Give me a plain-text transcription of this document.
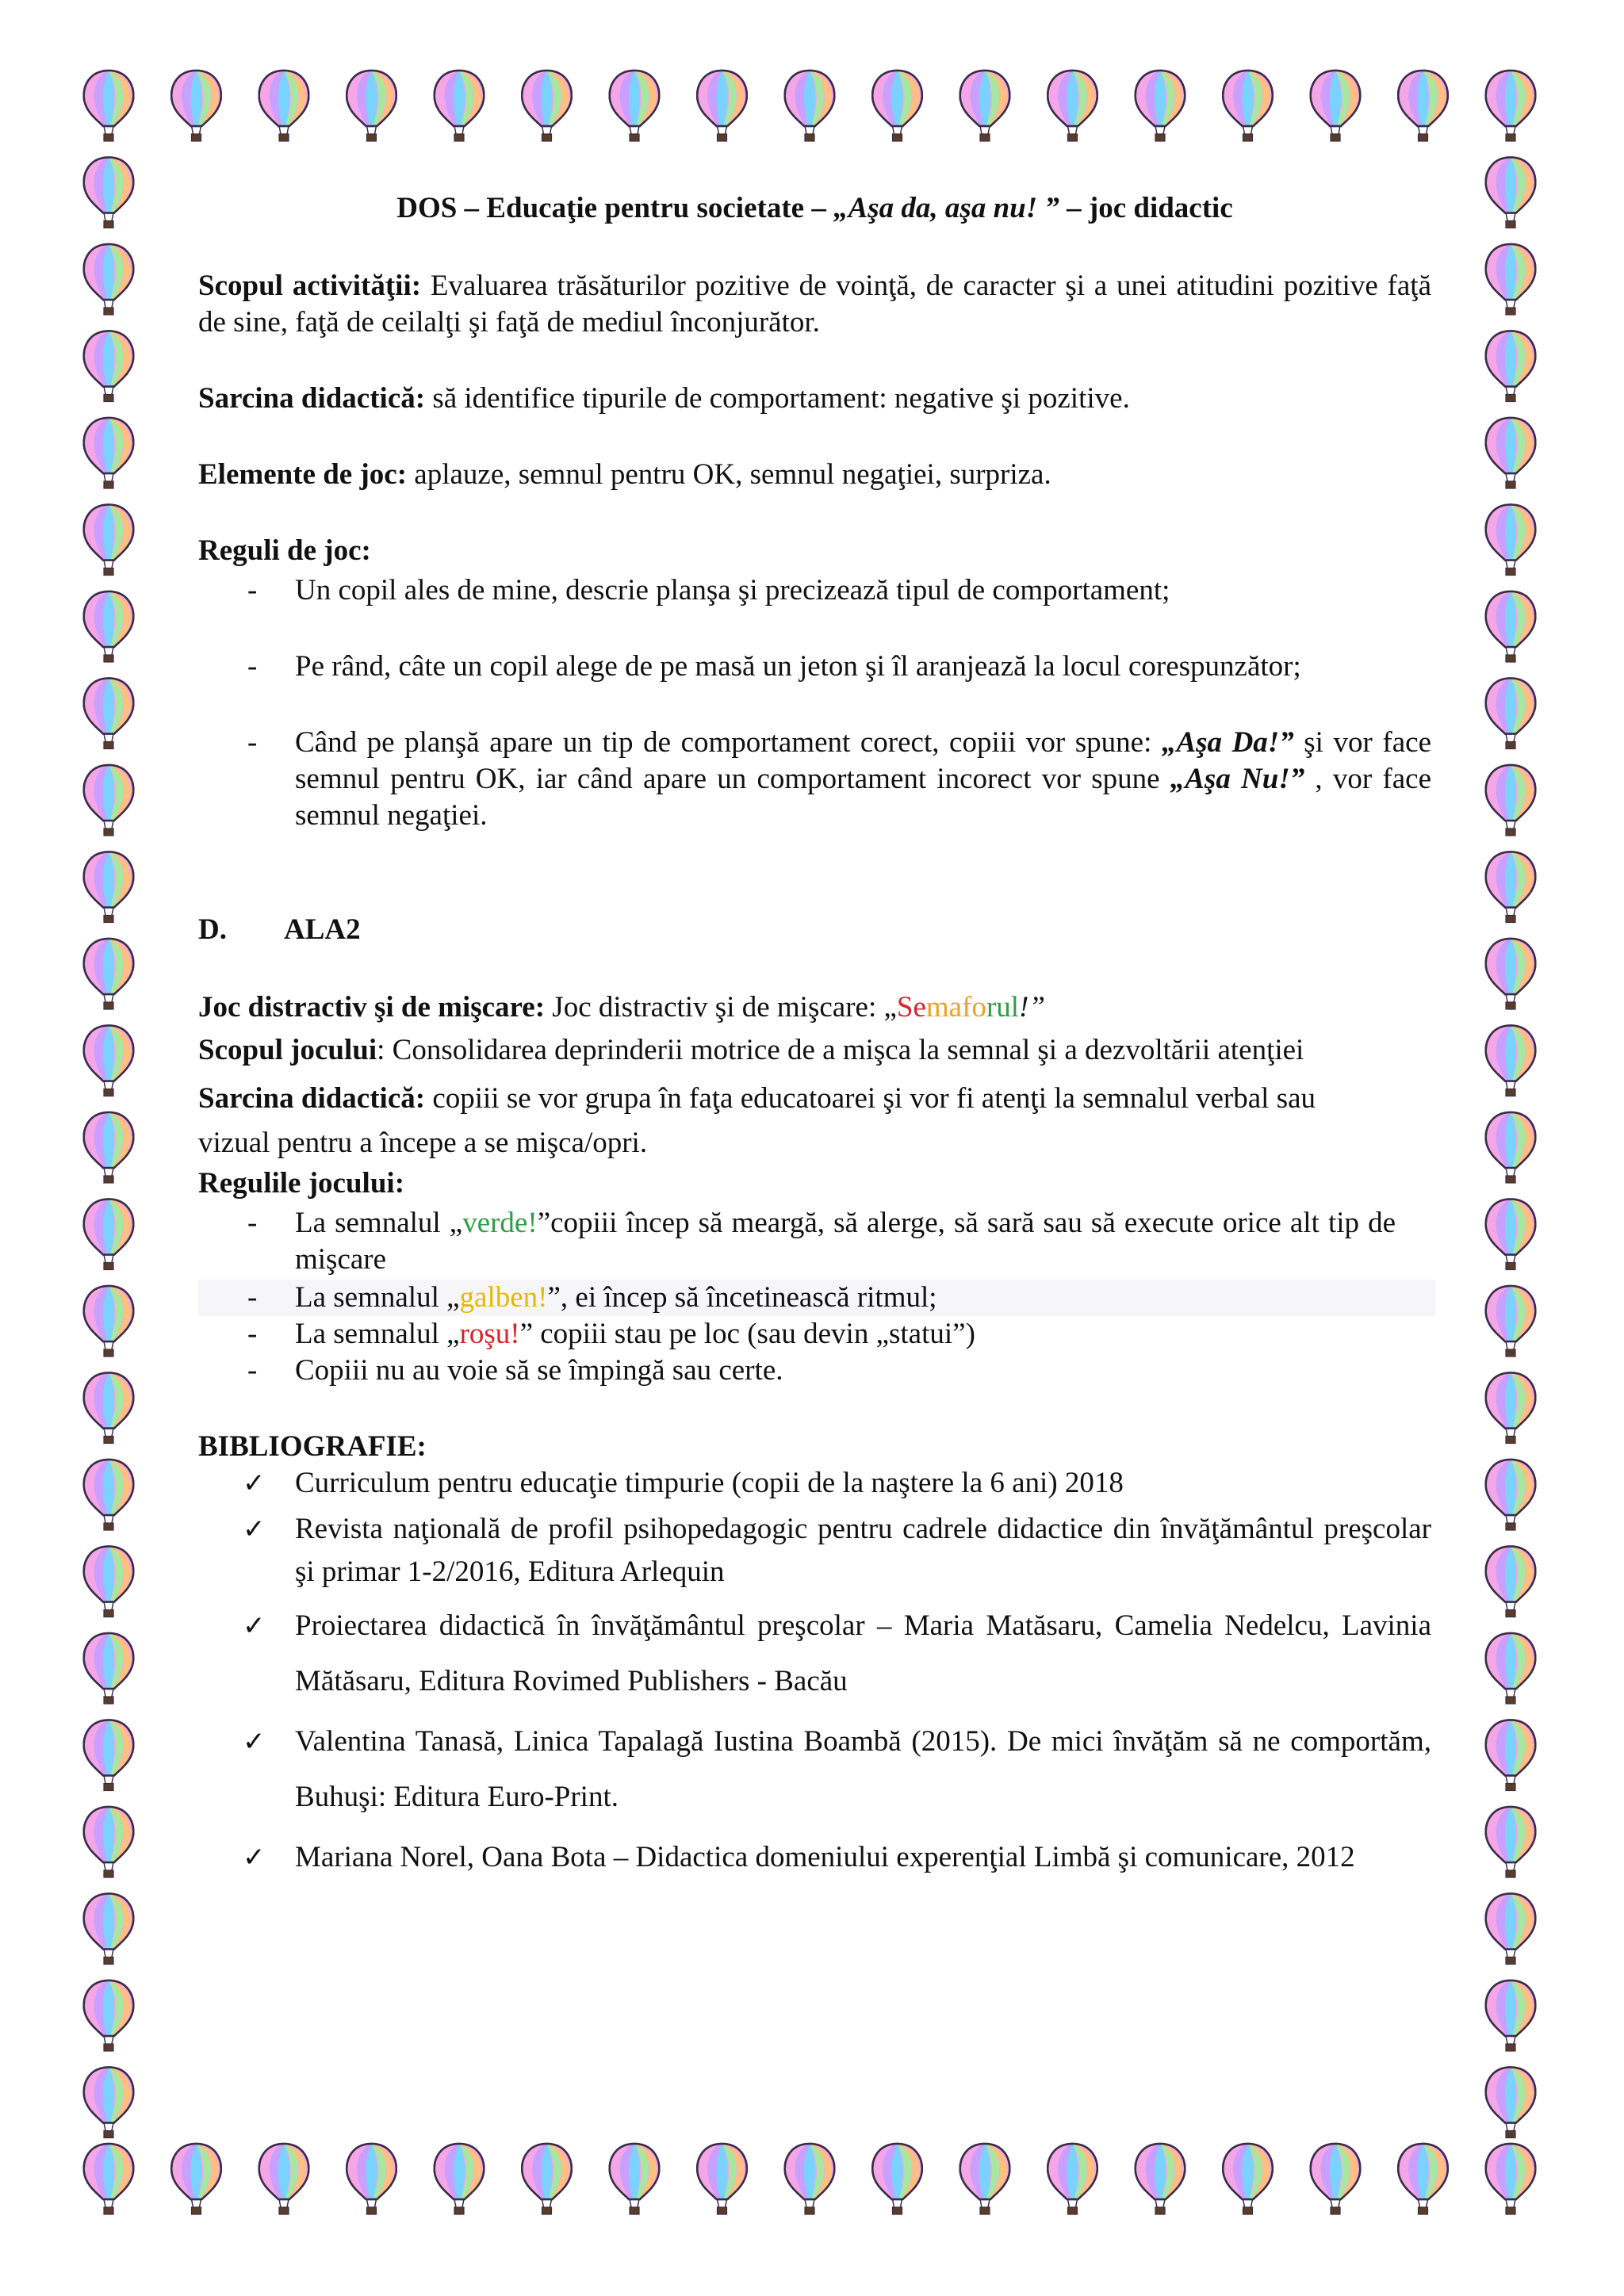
DOS – Educaţie pentru societate – „Aşa da, aşa nu! ” – joc didactic

Scopul activităţii: Evaluarea trăsăturilor pozitive de voinţă, de caracter şi a unei atitudini pozitive faţă de sine, faţă de ceilalţi şi faţă de mediul înconjurător.

Sarcina didactică: să identifice tipurile de comportament: negative şi pozitive.

Elemente de joc: aplauze, semnul pentru OK, semnul negaţiei, surpriza.

Reguli de joc:

- Un copil ales de mine, descrie planşa şi precizează tipul de comportament;
- Pe rând, câte un copil alege de pe masă un jeton şi îl aranjează la locul corespunzător;
- Când pe planşă apare un tip de comportament corect, copiii vor spune: „Aşa Da!” şi vor face semnul pentru OK, iar când apare un comportament incorect vor spune „Aşa Nu!” , vor face semnul negaţiei.

D. ALA2

Joc distractiv şi de mişcare: Joc distractiv şi de mişcare: „Semaforul!”

Scopul jocului: Consolidarea deprinderii motrice de a mişca la semnal şi a dezvoltării atenţiei

Sarcina didactică: copiii se vor grupa în faţa educatoarei şi vor fi atenţi la semnalul verbal sau vizual pentru a începe a se mişca/opri.

Regulile jocului:

- La semnalul „verde!”copiii încep să meargă, să alerge, să sară sau să execute orice alt tip de mişcare
- La semnalul „galben!”, ei încep să încetinească ritmul;
- La semnalul „roşu!” copiii stau pe loc (sau devin „statui”)
- Copiii nu au voie să se împingă sau certe.

BIBLIOGRAFIE:

✓ Curriculum pentru educaţie timpurie (copii de la naştere la 6 ani) 2018
✓ Revista naţională de profil psihopedagogic pentru cadrele didactice din învăţământul preşcolar şi primar 1-2/2016, Editura Arlequin
✓ Proiectarea didactică în învăţământul preşcolar – Maria Matăsaru, Camelia Nedelcu, Lavinia Mătăsaru, Editura Rovimed Publishers - Bacău
✓ Valentina Tanasă, Linica Tapalagă Iustina Boambă (2015). De mici învăţăm să ne comportăm, Buhuşi: Editura Euro-Print.
✓ Mariana Norel, Oana Bota – Didactica domeniului experenţial Limbă şi comunicare, 2012
